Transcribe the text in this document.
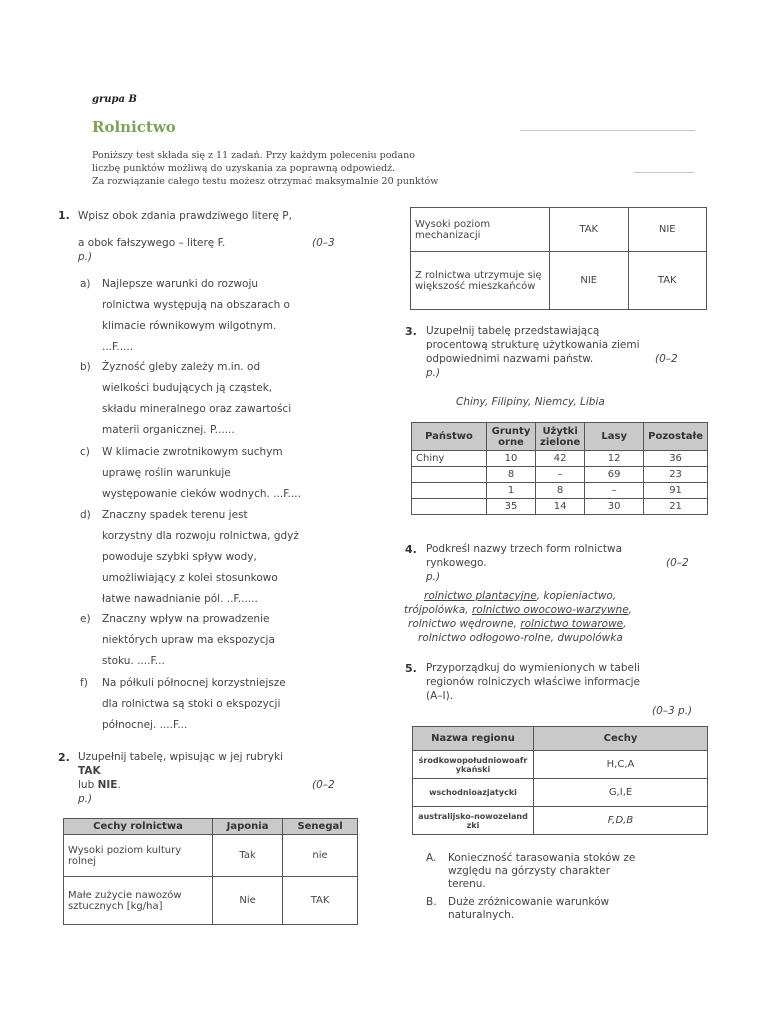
grupa B
Rolnictwo
Poniższy test składa się z 11 zadań. Przy każdym poleceniu podano
liczbę punktów możliwą do uzyskania za poprawną odpowiedź.
Za rozwiązanie całego testu możesz otrzymać maksymalnie 20 punktów
1. Wpisz obok zdania prawdziwego literę P,
a obok fałszywego – literę F.	(0–3
p.)
a) Najlepsze warunki do rozwoju
rolnictwa występują na obszarach o
klimacie równikowym wilgotnym.
...F.....
b) Żyzność gleby zależy m.in. od
wielkości budujących ją cząstek,
składu mineralnego oraz zawartości
materii organicznej. P......
c) W klimacie zwrotnikowym suchym
uprawę roślin warunkuje
występowanie cieków wodnych. ...F....
d) Znaczny spadek terenu jest
korzystny dla rozwoju rolnictwa, gdyż
powoduje szybki spływ wody,
umożliwiający z kolei stosunkowo
łatwe nawadnianie pól. ..F......
e) Znaczny wpływ na prowadzenie
niektórych upraw ma ekspozycja
stoku. ....F...
f) Na półkuli północnej korzystniejsze
dla rolnictwa są stoki o ekspozycji
północnej. ....F...
2. Uzupełnij tabelę, wpisując w jej rubryki
TAK
lub NIE.	(0–2
p.)
Cechy rolnictwa	Japonia	Senegal
Wysoki poziom kultury rolnej	Tak	nie
Małe zużycie nawozów sztucznych [kg/ha]	Nie	TAK
Wysoki poziom mechanizacji	TAK	NIE
Z rolnictwa utrzymuje się większość mieszkańców	NIE	TAK
3. Uzupełnij tabelę przedstawiającą
procentową strukturę użytkowania ziemi
odpowiednimi nazwami państw.	(0–2
p.)
Chiny, Filipiny, Niemcy, Libia
Państwo	Grunty orne	Użytki zielone	Lasy	Pozostałe
Chiny	10	42	12	36
	8	–	69	23
	1	8	–	91
	35	14	30	21
4. Podkreśl nazwy trzech form rolnictwa
rynkowego.	(0–2
p.)
rolnictwo plantacyjne, kopieniactwo,
trójpolówka, rolnictwo owocowo-warzywne,
rolnictwo wędrowne, rolnictwo towarowe,
rolnictwo odłogowo-rolne, dwupolówka
5. Przyporządkuj do wymienionych w tabeli
regionów rolniczych właściwe informacje
(A–I).
(0–3 p.)
Nazwa regionu	Cechy
środkowopołudniowoafrykański	H,C,A
wschodnioazjatycki	G,I,E
australijsko-nowozelandzki	F,D,B
A. Konieczność tarasowania stoków ze
względu na górzysty charakter
terenu.
B. Duże zróżnicowanie warunków
naturalnych.
